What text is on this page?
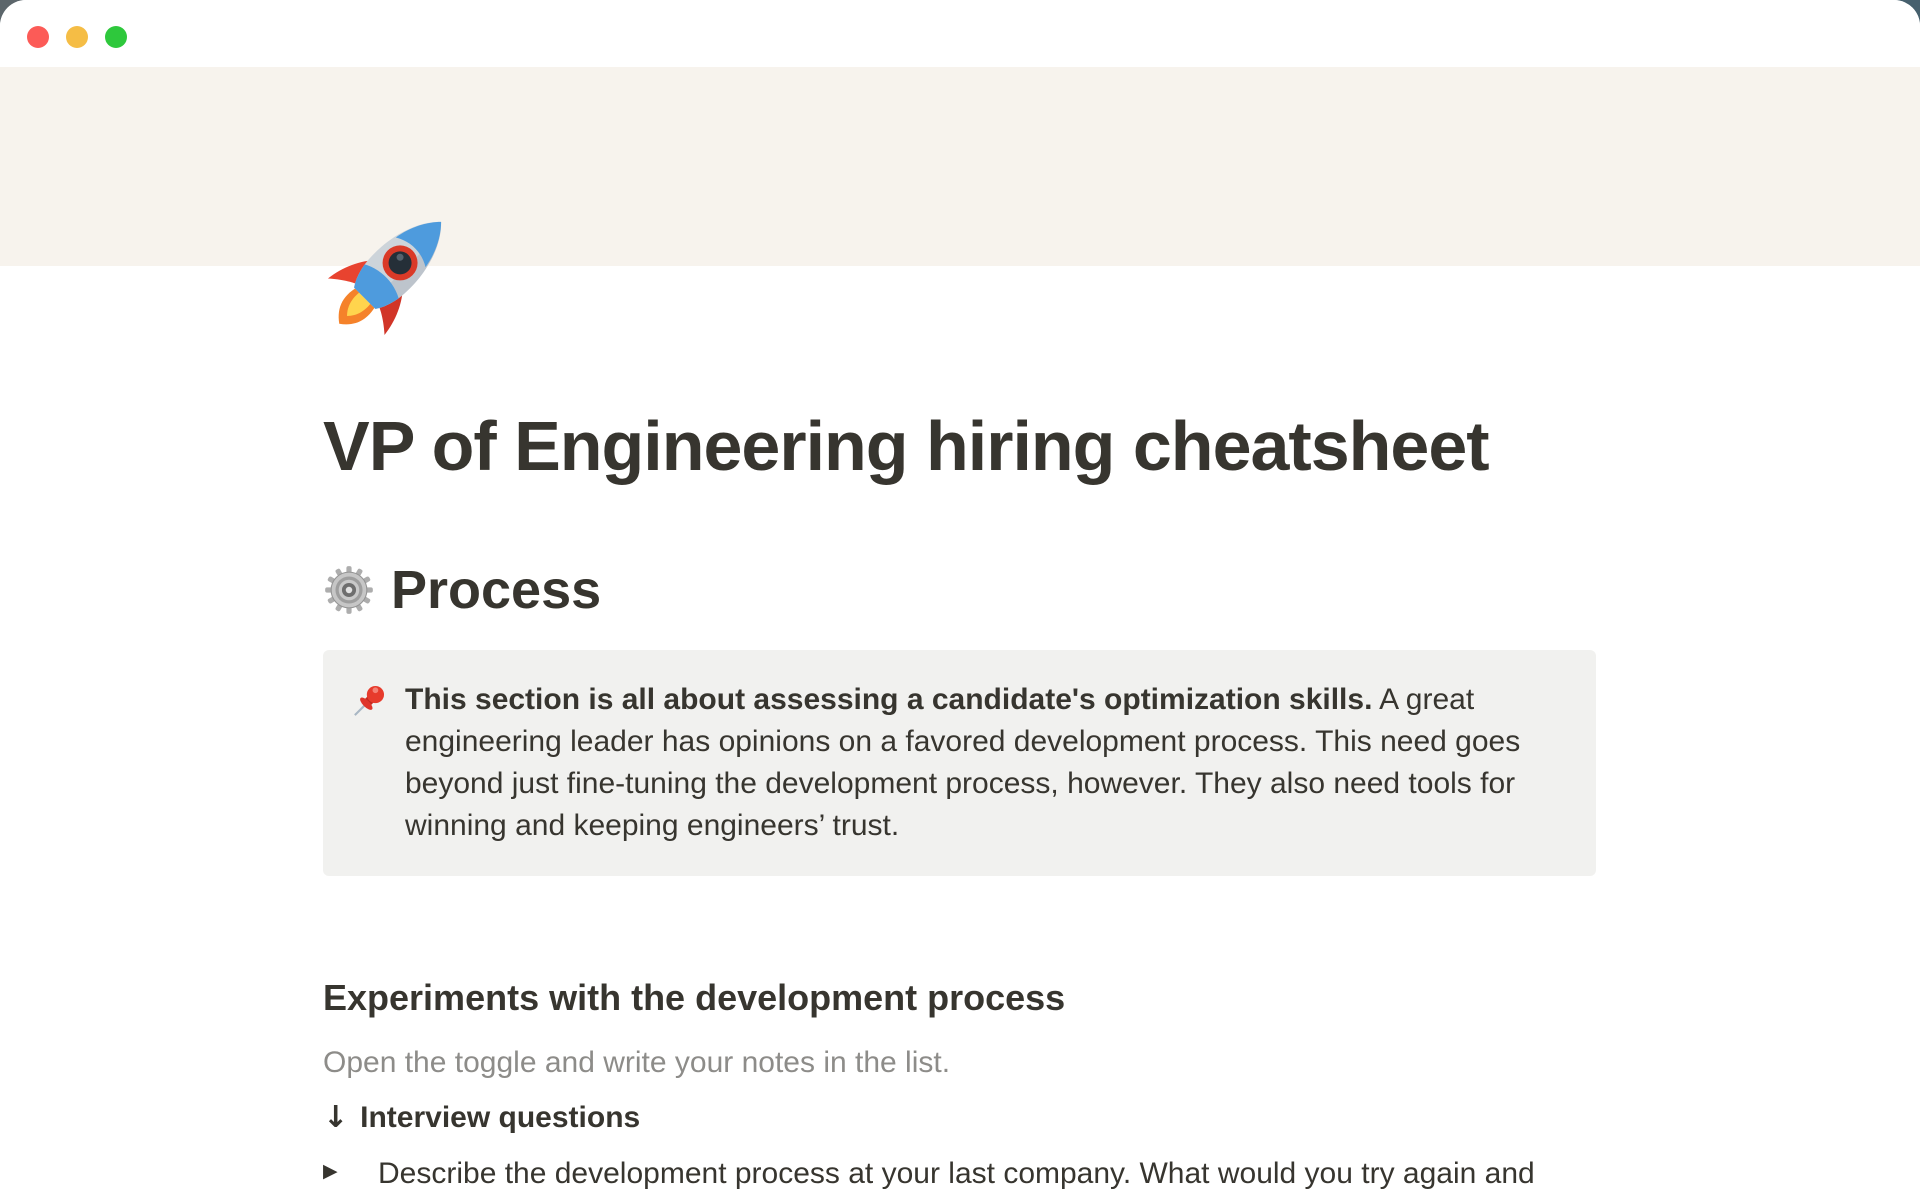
VP of Engineering hiring cheatsheet
Process

This section is all about assessing a candidate's optimization skills. A great engineering leader has opinions on a favored development process. This need goes beyond just fine-tuning the development process, however. They also need tools for winning and keeping engineers’ trust.

Experiments with the development process

Open the toggle and write your notes in the list.

↓ Interview questions

▶	Describe the development process at your last company. What would you try again and
